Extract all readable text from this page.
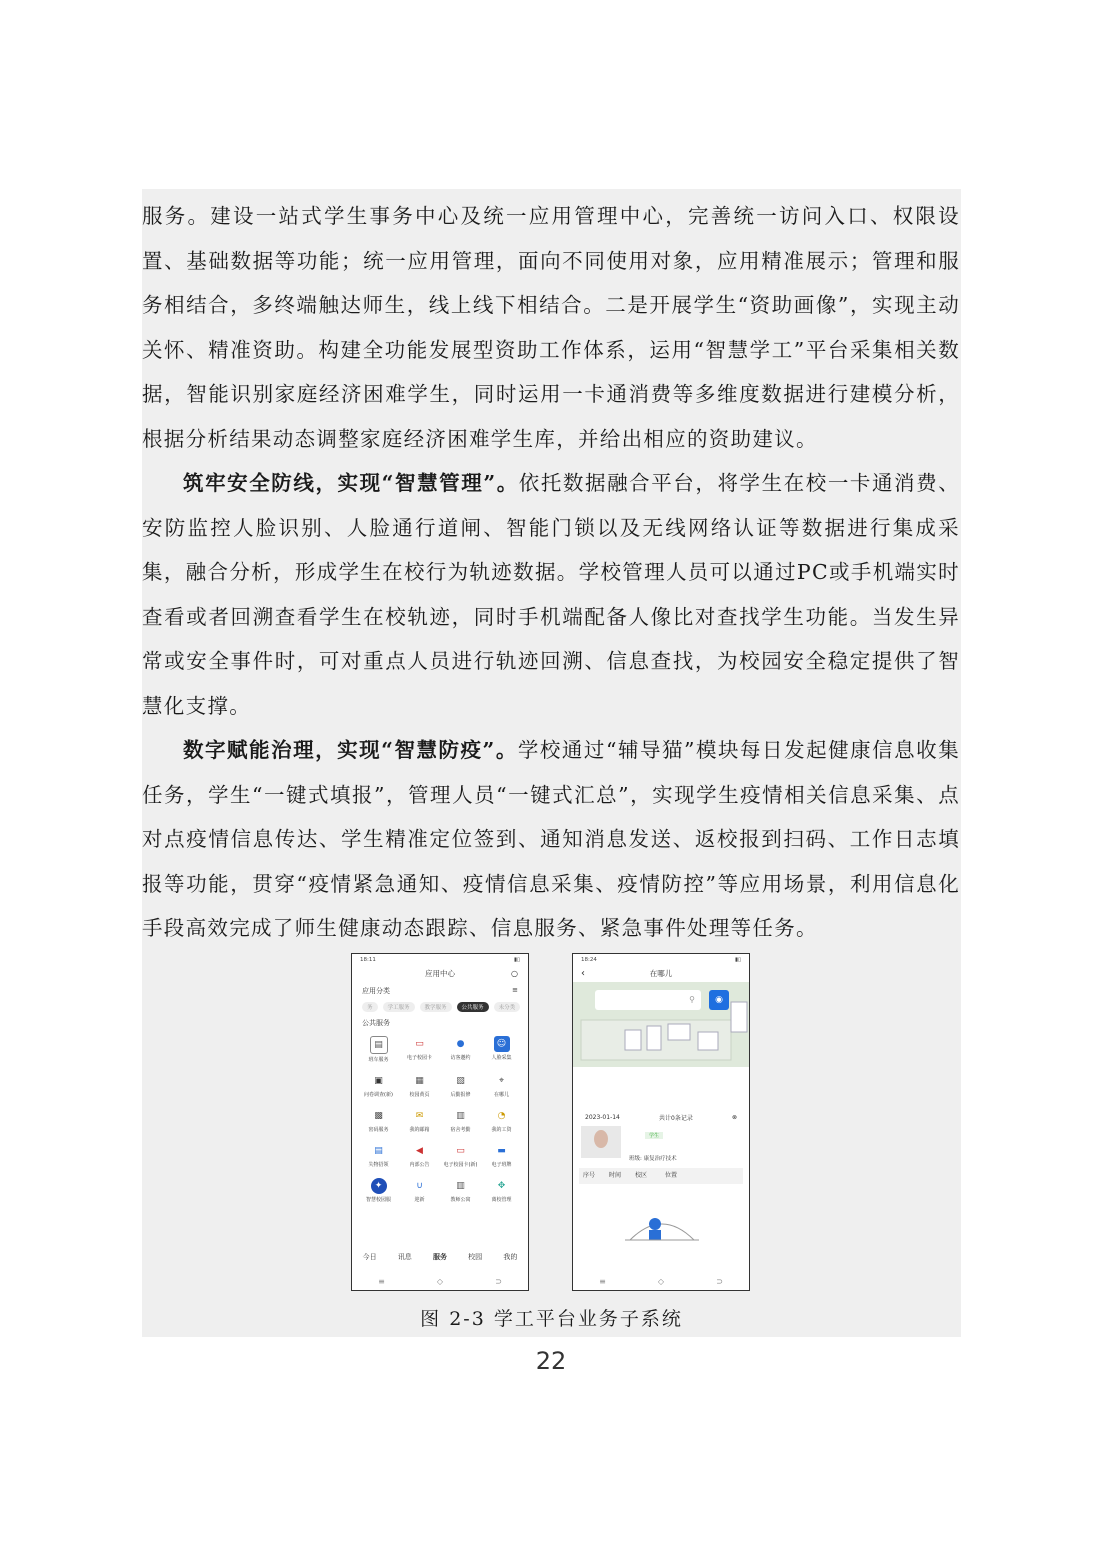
服务。建设一站式学生事务中心及统一应用管理中心，完善统一访问入口、权限设置、基础数据等功能；统一应用管理，面向不同使用对象，应用精准展示；管理和服务相结合，多终端触达师生，线上线下相结合。二是开展学生“资助画像”，实现主动关怀、精准资助。构建全功能发展型资助工作体系，运用“智慧学工”平台采集相关数据，智能识别家庭经济困难学生，同时运用一卡通消费等多维度数据进行建模分析，根据分析结果动态调整家庭经济困难学生库，并给出相应的资助建议。

筑牢安全防线，实现“智慧管理”。依托数据融合平台，将学生在校一卡通消费、安防监控人脸识别、人脸通行道闸、智能门锁以及无线网络认证等数据进行集成采集，融合分析，形成学生在校行为轨迹数据。学校管理人员可以通过PC或手机端实时查看或者回溯查看学生在校轨迹，同时手机端配备人像比对查找学生功能。当发生异常或安全事件时，可对重点人员进行轨迹回溯、信息查找，为校园安全稳定提供了智慧化支撑。

数字赋能治理，实现“智慧防疫”。学校通过“辅导猫”模块每日发起健康信息收集任务，学生“一键式填报”，管理人员“一键式汇总”，实现学生疫情相关信息采集、点对点疫情信息传达、学生精准定位签到、通知消息发送、返校报到扫码、工作日志填报等功能，贯穿“疫情紧急通知、疫情信息采集、疫情防控”等应用场景，利用信息化手段高效完成了师生健康动态跟踪、信息服务、紧急事件处理等任务。

18:11	▮▯
应用中心	○
应用分类	≡
务	学工服务	教学服务	公共服务	未分类
公共服务
▤
班车服务
▭
电子校园卡
●
访客邀约
☺
人脸采集
▣
问卷调查(新)
▦
校园黄页
▧
后勤报修
⌖
在哪儿
▩
密码服务
✉
我的邮箱
▥
宿舍考勤
◔
我的工资
▤
失物招领
◀
内部公告
▭
电子校园卡(新)
▬
电子班牌
✦
智慧校园服
∪
迎新
▥
教师公寓
✥
离校管理
今日	讯息	服务	校园	我的
≡	◇	⊃
18:24	▮▯
‹	在哪儿
⚲	◉
2023-01-14	共计0条记录	⊗
学生
班级: 康复治疗技术
序号	时间	校区	位置
≡	◇	⊃
图 2-3 学工平台业务子系统
22
